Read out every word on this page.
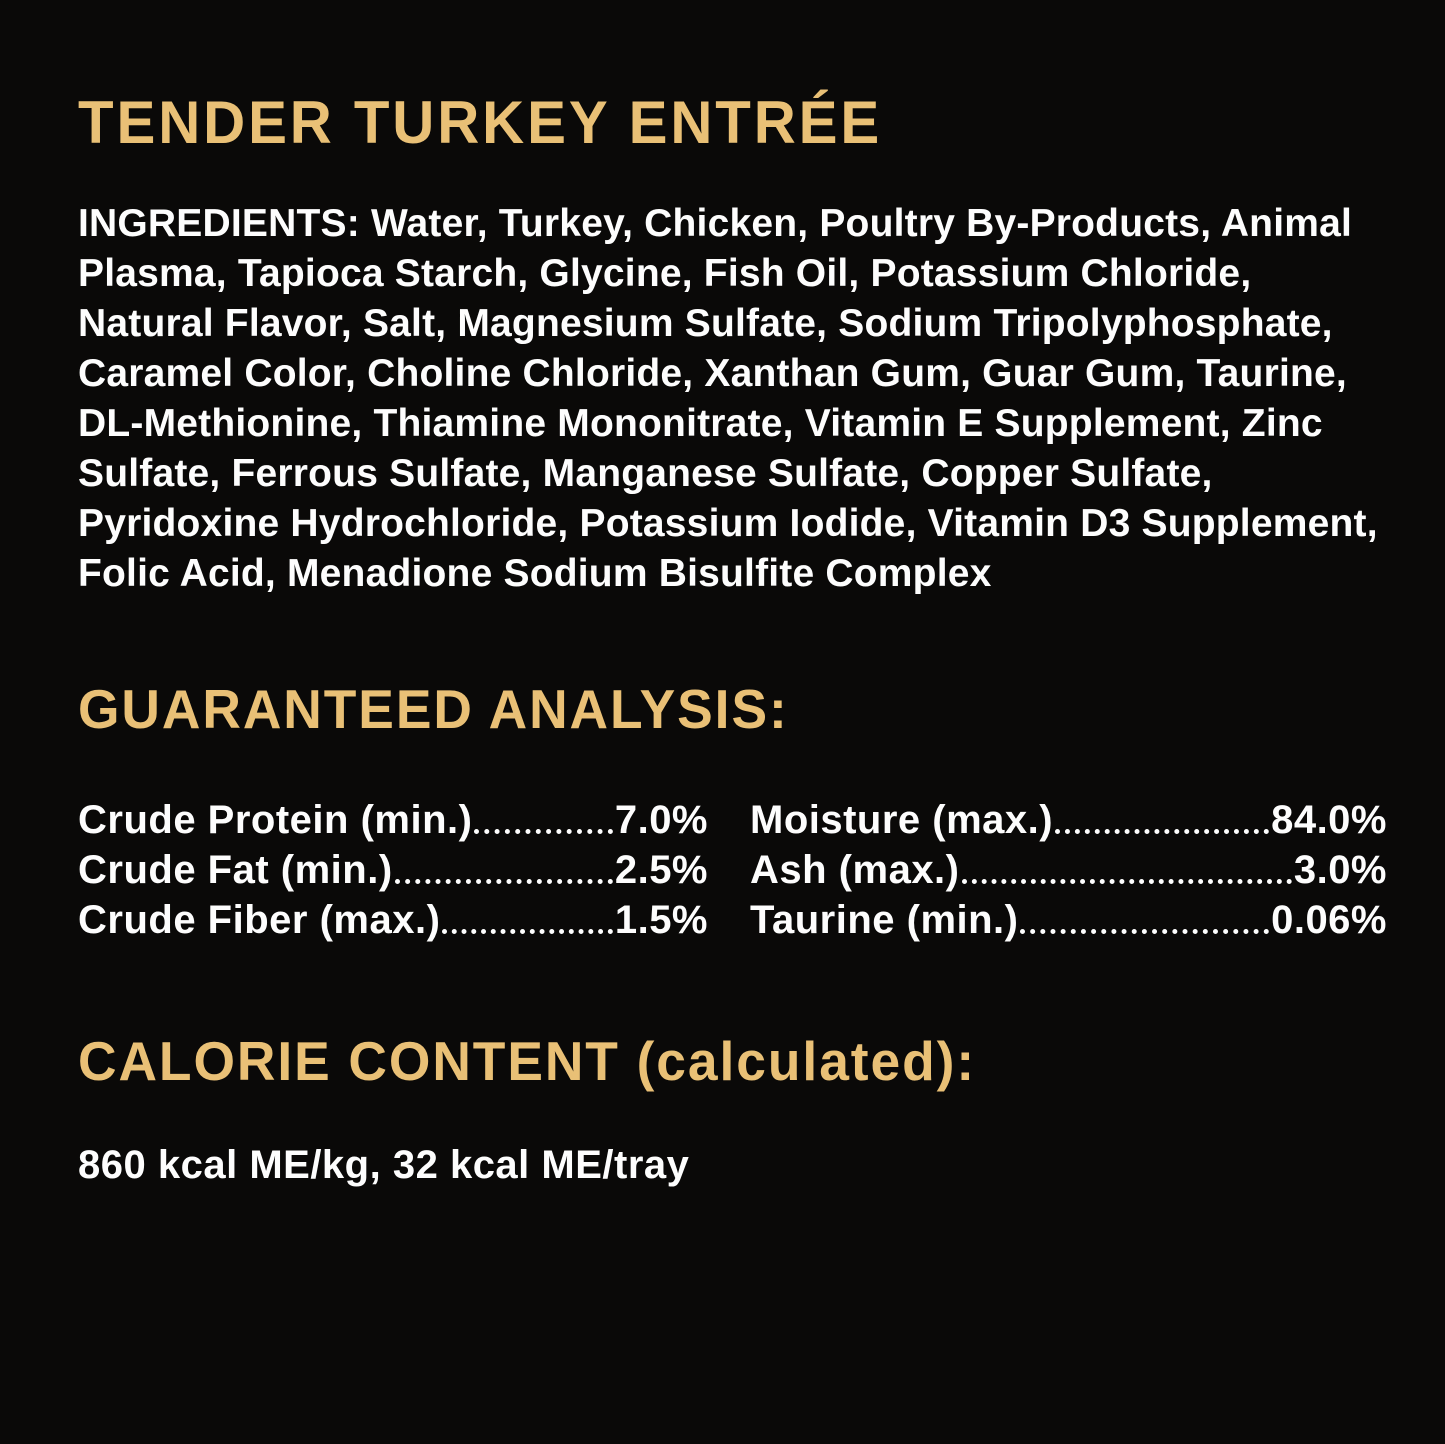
TENDER TURKEY ENTRÉE

INGREDIENTS: Water, Turkey, Chicken, Poultry By-Products, Animal Plasma, Tapioca Starch, Glycine, Fish Oil, Potassium Chloride, Natural Flavor, Salt, Magnesium Sulfate, Sodium Tripolyphosphate, Caramel Color, Choline Chloride, Xanthan Gum, Guar Gum, Taurine, DL-Methionine, Thiamine Mononitrate, Vitamin E Supplement, Zinc Sulfate, Ferrous Sulfate, Manganese Sulfate, Copper Sulfate, Pyridoxine Hydrochloride, Potassium Iodide, Vitamin D3 Supplement, Folic Acid, Menadione Sodium Bisulfite Complex

GUARANTEED ANALYSIS:
Crude Protein (min.)	7.0%
Crude Fat (min.)	2.5%
Crude Fiber (max.)	1.5%
Moisture (max.)	84.0%
Ash (max.)	3.0%
Taurine (min.)	0.06%
CALORIE CONTENT (calculated):

860 kcal ME/kg, 32 kcal ME/tray
